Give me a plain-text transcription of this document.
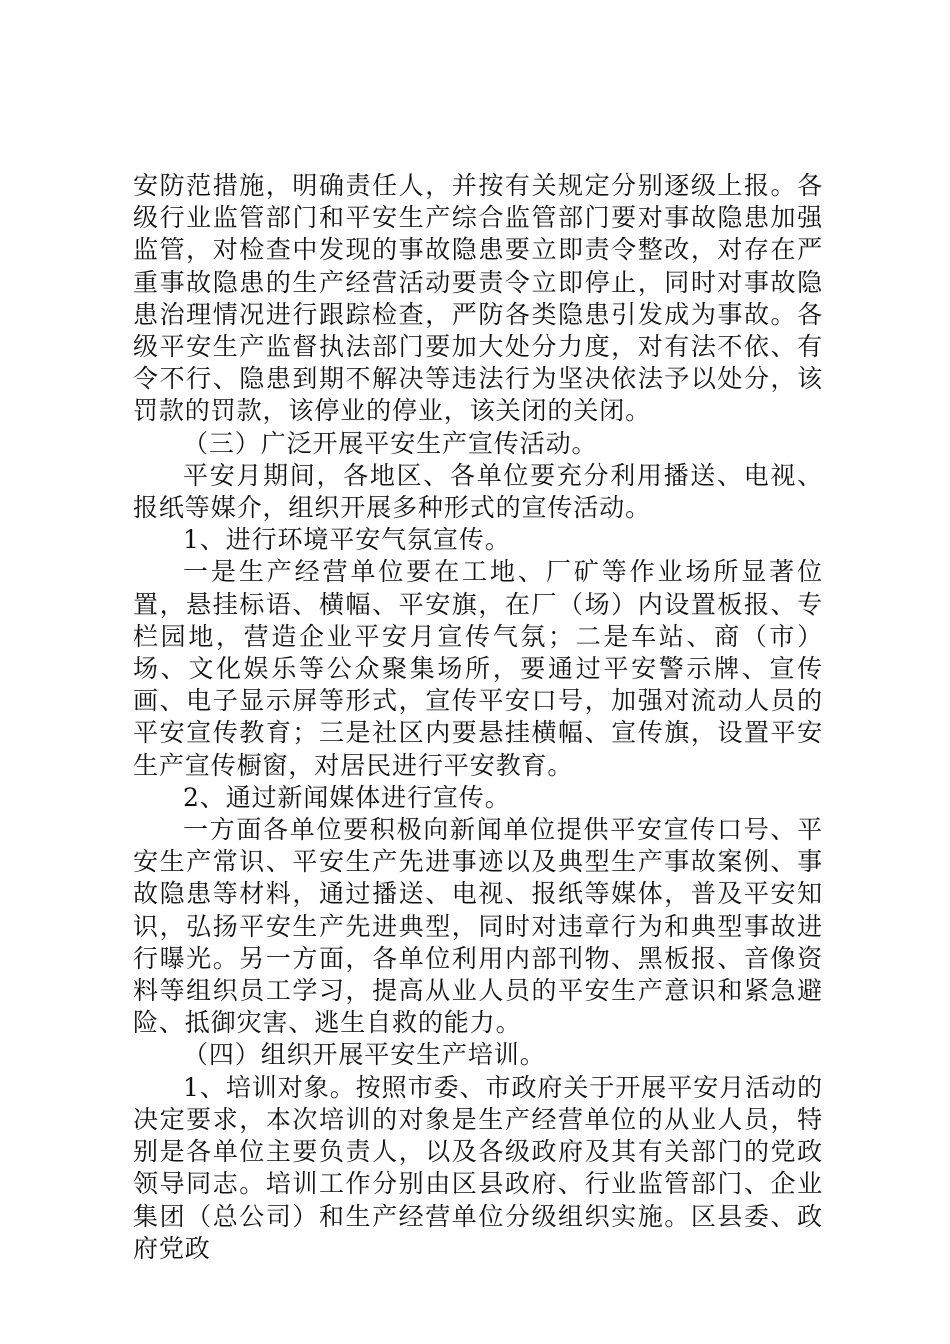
安防范措施，明确责任人，并按有关规定分别逐级上报。各级行业监管部门和平安生产综合监管部门要对事故隐患加强监管，对检查中发现的事故隐患要立即责令整改，对存在严重事故隐患的生产经营活动要责令立即停止，同时对事故隐患治理情况进行跟踪检查，严防各类隐患引发成为事故。各级平安生产监督执法部门要加大处分力度，对有法不依、有令不行、隐患到期不解决等违法行为坚决依法予以处分，该罚款的罚款，该停业的停业，该关闭的关闭。

（三）广泛开展平安生产宣传活动。

平安月期间，各地区、各单位要充分利用播送、电视、报纸等媒介，组织开展多种形式的宣传活动。

1、进行环境平安气氛宣传。

一是生产经营单位要在工地、厂矿等作业场所显著位置，悬挂标语、横幅、平安旗，在厂（场）内设置板报、专栏园地，营造企业平安月宣传气氛；二是车站、商（市）场、文化娱乐等公众聚集场所，要通过平安警示牌、宣传画、电子显示屏等形式，宣传平安口号，加强对流动人员的平安宣传教育；三是社区内要悬挂横幅、宣传旗，设置平安生产宣传橱窗，对居民进行平安教育。

2、通过新闻媒体进行宣传。

一方面各单位要积极向新闻单位提供平安宣传口号、平安生产常识、平安生产先进事迹以及典型生产事故案例、事故隐患等材料，通过播送、电视、报纸等媒体，普及平安知识，弘扬平安生产先进典型，同时对违章行为和典型事故进行曝光。另一方面，各单位利用内部刊物、黑板报、音像资料等组织员工学习，提高从业人员的平安生产意识和紧急避险、抵御灾害、逃生自救的能力。

（四）组织开展平安生产培训。

1、培训对象。按照市委、市政府关于开展平安月活动的决定要求，本次培训的对象是生产经营单位的从业人员，特别是各单位主要负责人，以及各级政府及其有关部门的党政领导同志。培训工作分别由区县政府、行业监管部门、企业集团（总公司）和生产经营单位分级组织实施。区县委、政府党政
